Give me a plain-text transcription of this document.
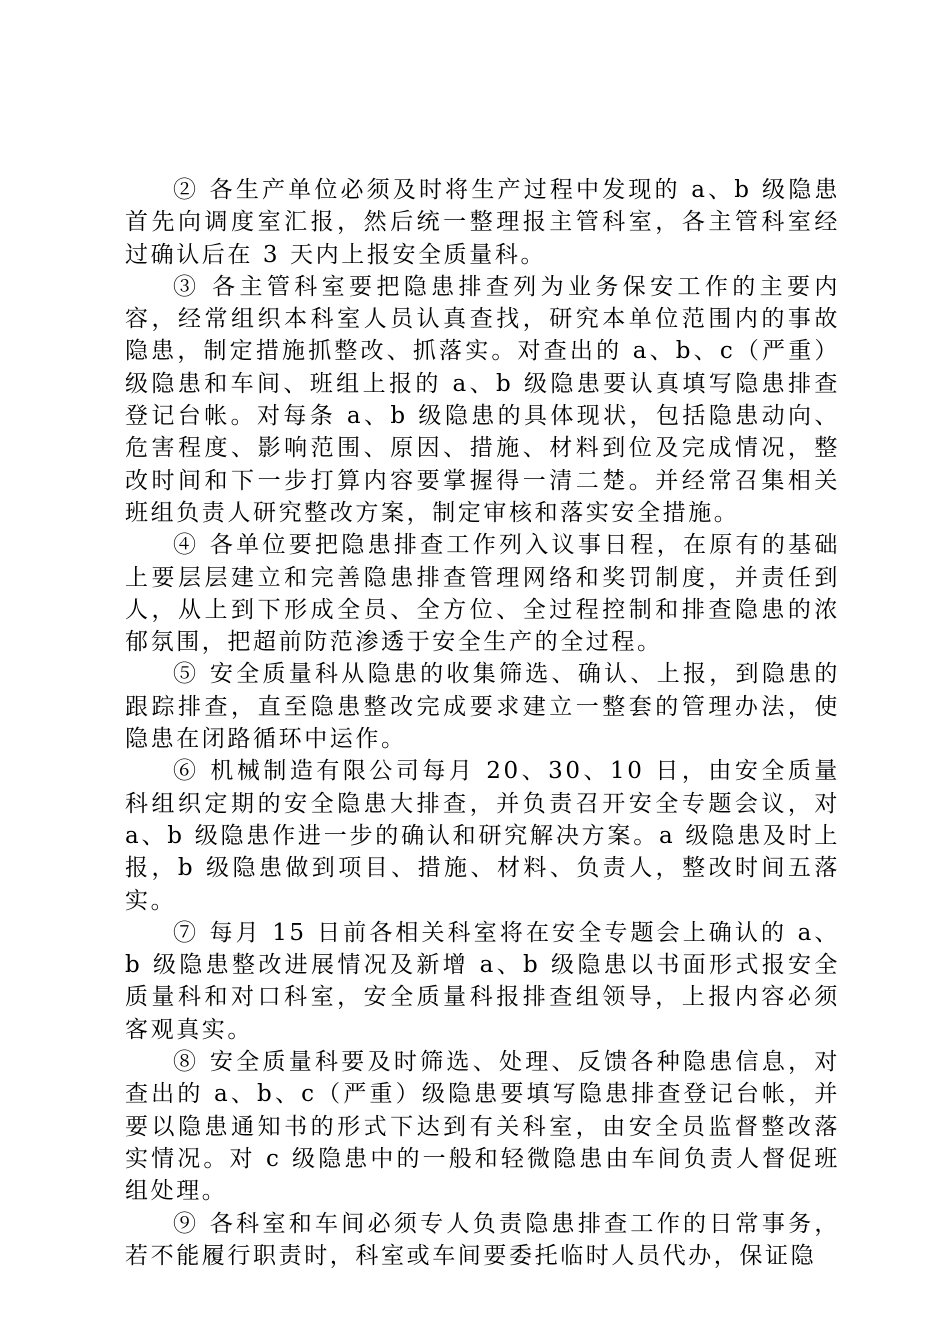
② 各生产单位必须及时将生产过程中发现的 a、b 级隐患首先向调度室汇报，然后统一整理报主管科室，各主管科室经过确认后在 3 天内上报安全质量科。

③ 各主管科室要把隐患排查列为业务保安工作的主要内容，经常组织本科室人员认真查找，研究本单位范围内的事故隐患，制定措施抓整改、抓落实。对查出的 a、b、c（严重）级隐患和车间、班组上报的 a、b 级隐患要认真填写隐患排查登记台帐。对每条 a、b 级隐患的具体现状，包括隐患动向、危害程度、影响范围、原因、措施、材料到位及完成情况，整改时间和下一步打算内容要掌握得一清二楚。并经常召集相关班组负责人研究整改方案，制定审核和落实安全措施。

④ 各单位要把隐患排查工作列入议事日程，在原有的基础上要层层建立和完善隐患排查管理网络和奖罚制度，并责任到人，从上到下形成全员、全方位、全过程控制和排查隐患的浓郁氛围，把超前防范渗透于安全生产的全过程。

⑤ 安全质量科从隐患的收集筛选、确认、上报，到隐患的跟踪排查，直至隐患整改完成要求建立一整套的管理办法，使隐患在闭路循环中运作。

⑥ 机械制造有限公司每月 20、30、10 日，由安全质量科组织定期的安全隐患大排查，并负责召开安全专题会议，对 a、b 级隐患作进一步的确认和研究解决方案。a 级隐患及时上报，b 级隐患做到项目、措施、材料、负责人，整改时间五落实。

⑦ 每月 15 日前各相关科室将在安全专题会上确认的 a、b 级隐患整改进展情况及新增 a、b 级隐患以书面形式报安全质量科和对口科室，安全质量科报排查组领导，上报内容必须客观真实。

⑧ 安全质量科要及时筛选、处理、反馈各种隐患信息，对查出的 a、b、c（严重）级隐患要填写隐患排查登记台帐，并要以隐患通知书的形式下达到有关科室，由安全员监督整改落实情况。对 c 级隐患中的一般和轻微隐患由车间负责人督促班组处理。

⑨ 各科室和车间必须专人负责隐患排查工作的日常事务，若不能履行职责时，科室或车间要委托临时人员代办，保证隐
